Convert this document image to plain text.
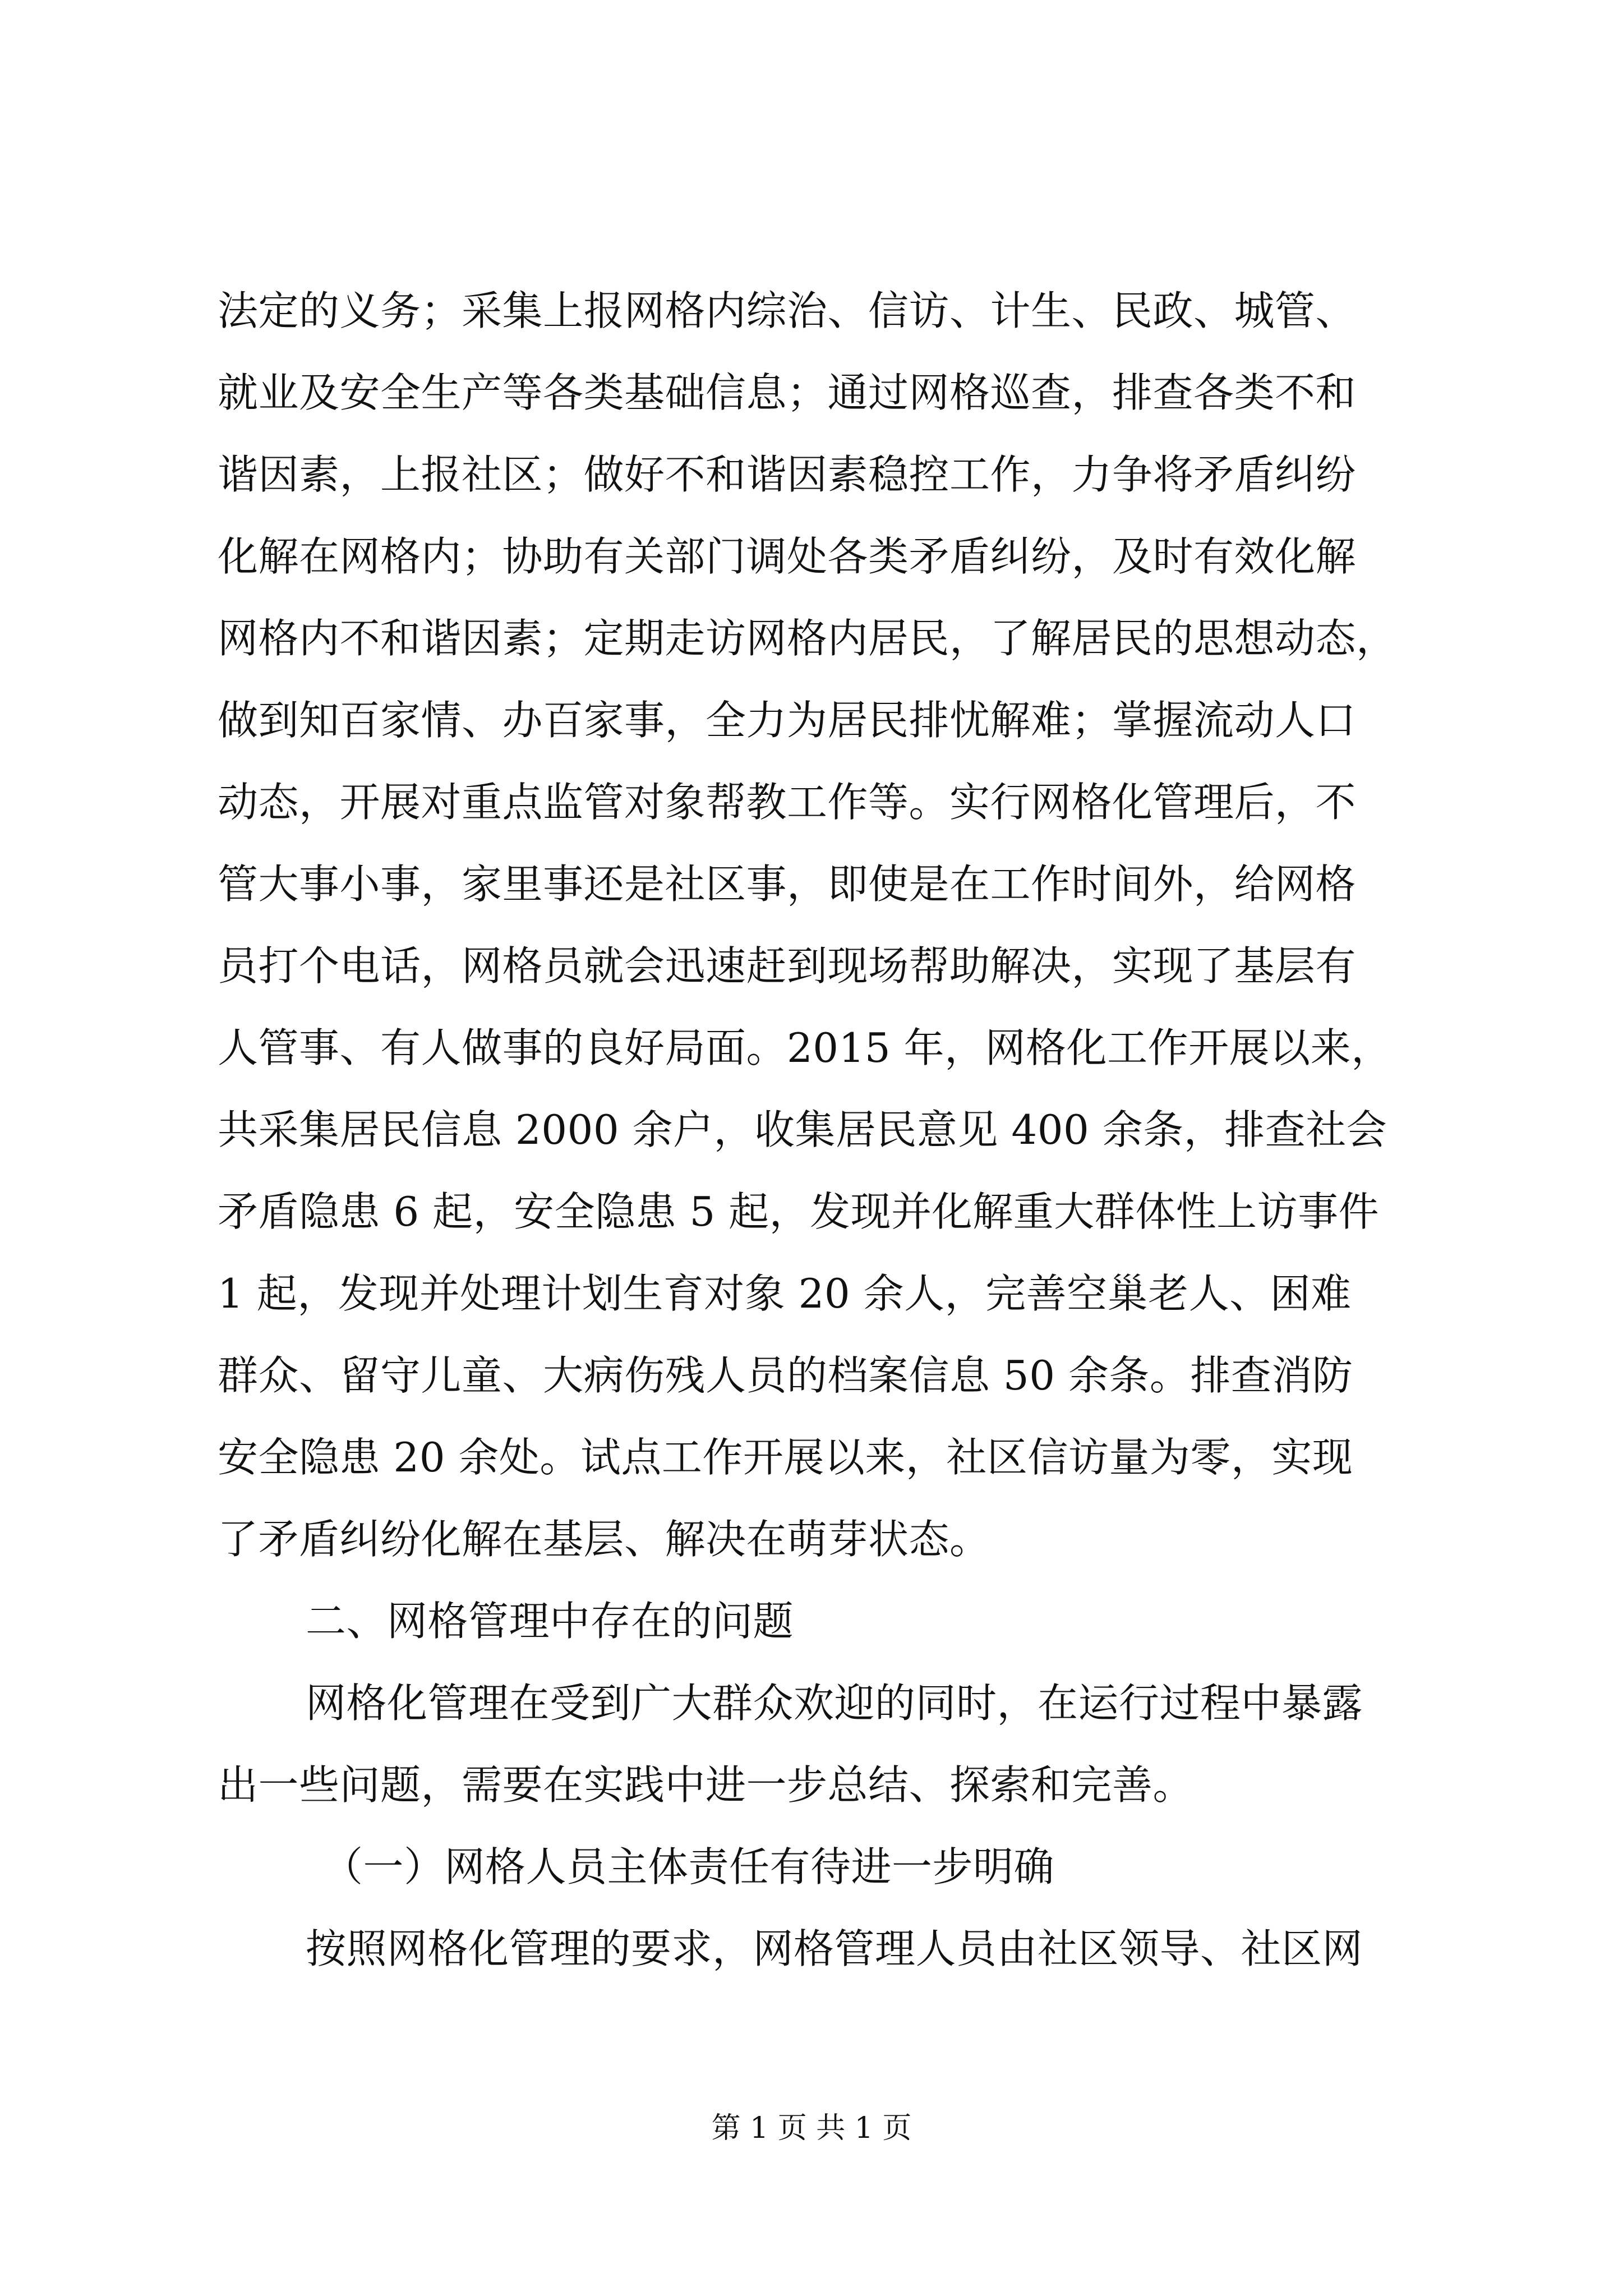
法定的义务；采集上报网格内综治、信访、计生、民政、城管、
就业及安全生产等各类基础信息；通过网格巡查，排查各类不和
谐因素，上报社区；做好不和谐因素稳控工作，力争将矛盾纠纷
化解在网格内；协助有关部门调处各类矛盾纠纷，及时有效化解
网格内不和谐因素；定期走访网格内居民，了解居民的思想动态，
做到知百家情、办百家事，全力为居民排忧解难；掌握流动人口
动态，开展对重点监管对象帮教工作等。实行网格化管理后，不
管大事小事，家里事还是社区事，即使是在工作时间外，给网格
员打个电话，网格员就会迅速赶到现场帮助解决，实现了基层有
人管事、有人做事的良好局面。2015 年，网格化工作开展以来，
共采集居民信息 2000 余户，收集居民意见 400 余条，排查社会
矛盾隐患 6 起，安全隐患 5 起，发现并化解重大群体性上访事件
1 起，发现并处理计划生育对象 20 余人，完善空巢老人、困难
群众、留守儿童、大病伤残人员的档案信息 50 余条。排查消防
安全隐患 20 余处。试点工作开展以来，社区信访量为零，实现
了矛盾纠纷化解在基层、解决在萌芽状态。
二、网格管理中存在的问题
网格化管理在受到广大群众欢迎的同时，在运行过程中暴露
出一些问题，需要在实践中进一步总结、探索和完善。
（一）网格人员主体责任有待进一步明确
按照网格化管理的要求，网格管理人员由社区领导、社区网
第 1 页 共 1 页
